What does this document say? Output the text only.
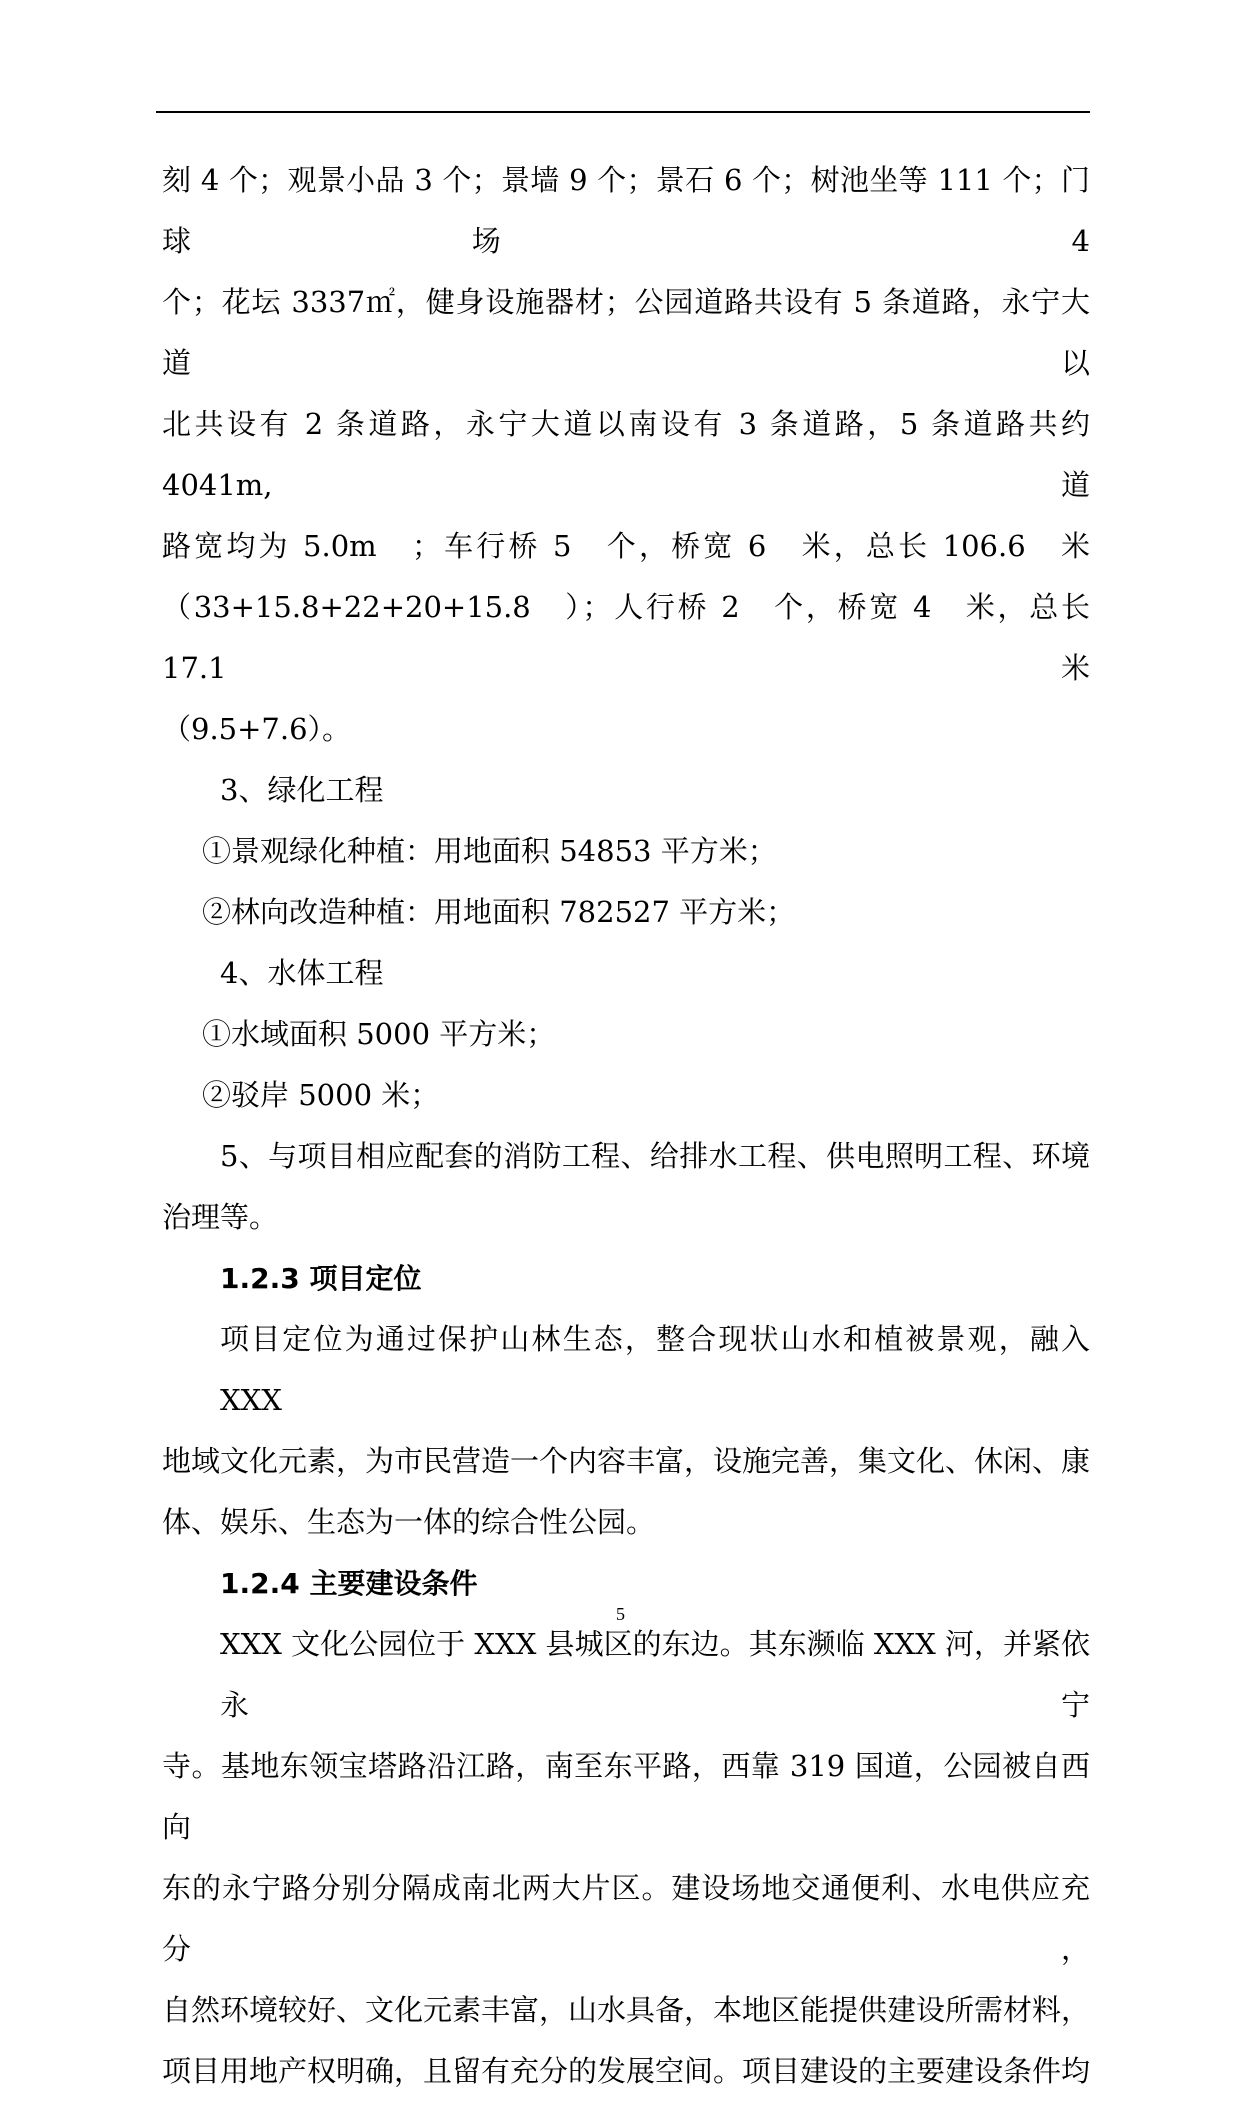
刻 4 个；观景小品 3 个；景墙 9 个；景石 6 个；树池坐等 111 个；门球场 4

个；花坛 3337㎡，健身设施器材；公园道路共设有 5 条道路，永宁大道以

北共设有 2 条道路，永宁大道以南设有 3 条道路，5 条道路共约 4041m,道

路宽均为 5.0m　；车行桥 5　个，桥宽 6　米，总长 106.6　米

（33+15.8+22+20+15.8　）；人行桥 2　个，桥宽 4　米，总长 17.1　米

（9.5+7.6）。

3、绿化工程

①景观绿化种植：用地面积 54853 平方米；

②林向改造种植：用地面积 782527 平方米；

4、水体工程

①水域面积 5000 平方米；

②驳岸 5000 米；

5、与项目相应配套的消防工程、给排水工程、供电照明工程、环境

治理等。

1.2.3 项目定位

项目定位为通过保护山林生态，整合现状山水和植被景观，融入 XXX

地域文化元素，为市民营造一个内容丰富，设施完善，集文化、休闲、康

体、娱乐、生态为一体的综合性公园。

1.2.4 主要建设条件

XXX 文化公园位于 XXX 县城区的东边。其东濒临 XXX 河，并紧依永宁

寺。基地东领宝塔路沿江路，南至东平路，西靠 319 国道，公园被自西向

东的永宁路分别分隔成南北两大片区。建设场地交通便利、水电供应充分，

自然环境较好、文化元素丰富，山水具备，本地区能提供建设所需材料，

项目用地产权明确，且留有充分的发展空间。项目建设的主要建设条件均

5
